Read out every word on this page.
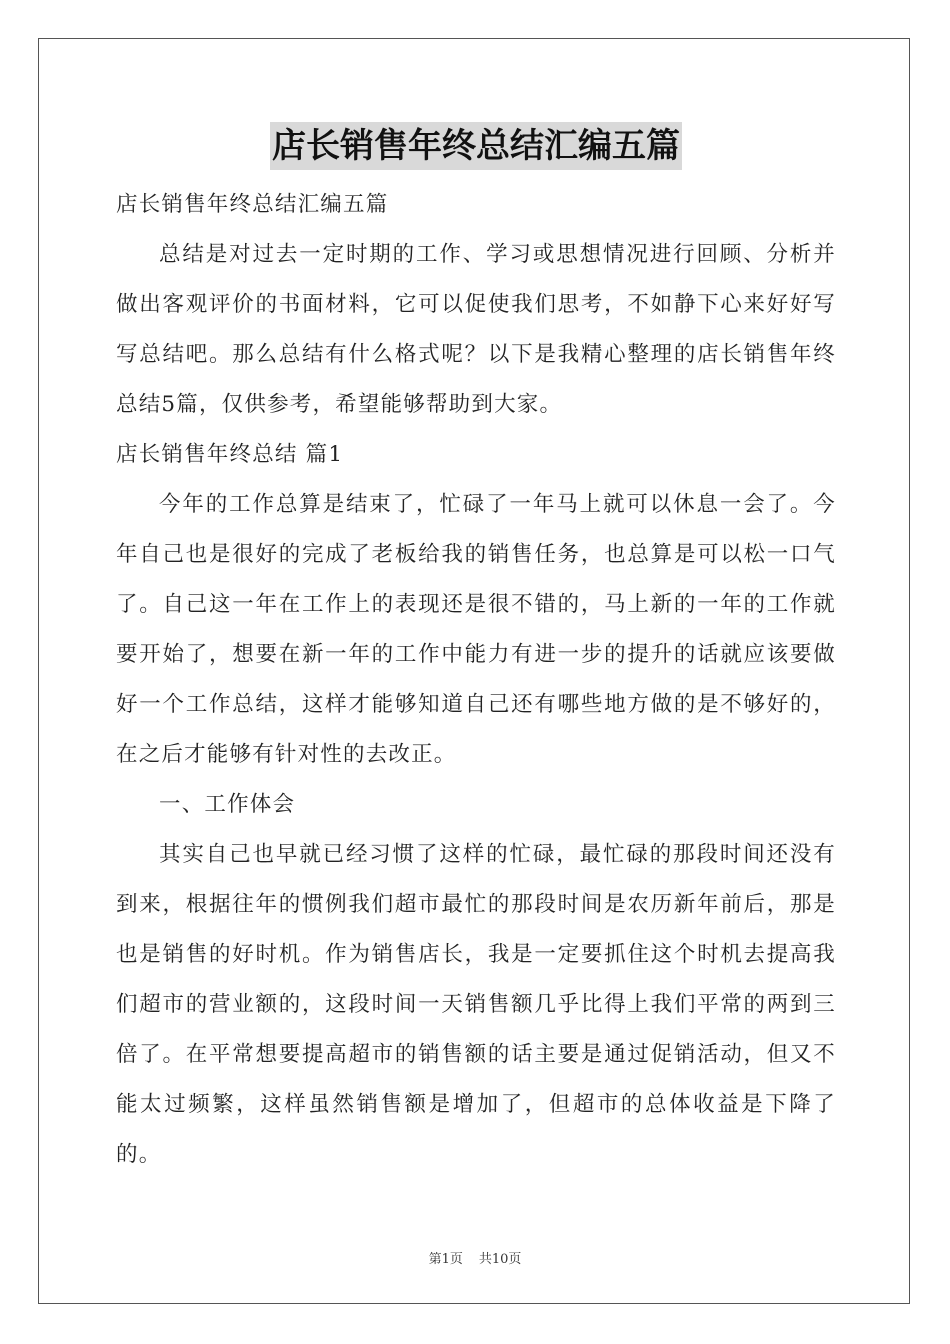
店长销售年终总结汇编五篇
店长销售年终总结汇编五篇
总结是对过去一定时期的工作、学习或思想情况进行回顾、分析并做出客观评价的书面材料，它可以促使我们思考，不如静下心来好好写写总结吧。那么总结有什么格式呢？以下是我精心整理的店长销售年终总结5篇，仅供参考，希望能够帮助到大家。
店长销售年终总结 篇1
今年的工作总算是结束了，忙碌了一年马上就可以休息一会了。今年自己也是很好的完成了老板给我的销售任务，也总算是可以松一口气了。自己这一年在工作上的表现还是很不错的，马上新的一年的工作就要开始了，想要在新一年的工作中能力有进一步的提升的话就应该要做好一个工作总结，这样才能够知道自己还有哪些地方做的是不够好的，在之后才能够有针对性的去改正。
一、工作体会
其实自己也早就已经习惯了这样的忙碌，最忙碌的那段时间还没有到来，根据往年的惯例我们超市最忙的那段时间是农历新年前后，那是也是销售的好时机。作为销售店长，我是一定要抓住这个时机去提高我们超市的营业额的，这段时间一天销售额几乎比得上我们平常的两到三倍了。在平常想要提高超市的销售额的话主要是通过促销活动，但又不能太过频繁，这样虽然销售额是增加了，但超市的总体收益是下降了的。
第1页 共10页
